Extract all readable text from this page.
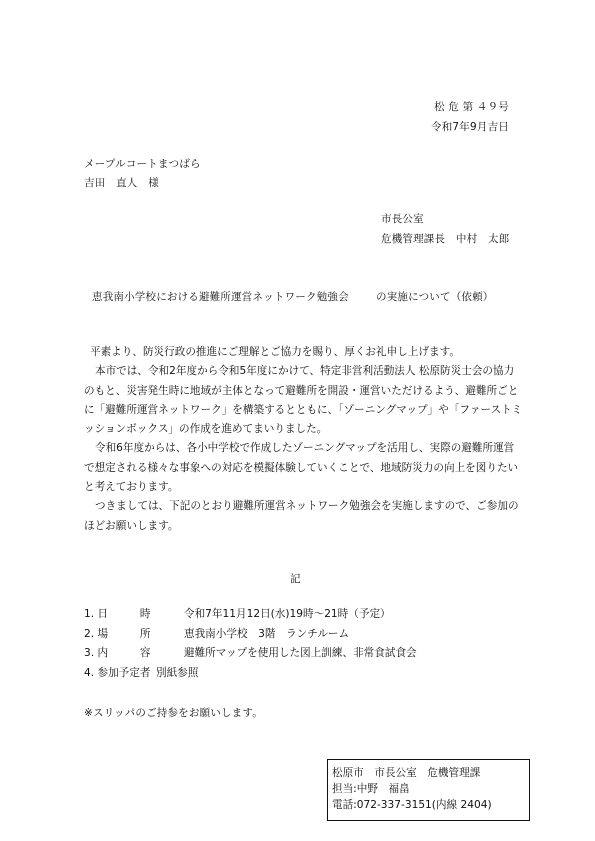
松 危 第 ４９号
令和7年9月吉日
メープルコートまつばら
吉田　直人　様
市長公室
危機管理課長　中村　太郎
恵我南小学校における避難所運営ネットワーク勉強会	の実施について（依頼）

平素より、防災行政の推進にご理解とご協力を賜り、厚くお礼申し上げます。

本市では、令和2年度から令和5年度にかけて、特定非営利活動法人 松原防災士会の協力のもと、災害発生時に地域が主体となって避難所を開設・運営いただけるよう、避難所ごとに「避難所運営ネットワーク」を構築するとともに、「ゾーニングマップ」や「ファーストミッションボックス」の作成を進めてまいりました。

令和6年度からは、各小中学校で作成したゾーニングマップを活用し、実際の避難所運営で想定される様々な事象への対応を模擬体験していくことで、地域防災力の向上を図りたいと考えております。

つきましては、下記のとおり避難所運営ネットワーク勉強会を実施しますので、ご参加のほどお願いします。

記
1. 日　　　時	令和7年11月12日(水)19時～21時（予定）
2. 場　　　所	恵我南小学校　3階　ランチルーム
3. 内　　　容	避難所マップを使用した図上訓練、非常食試食会
4. 参加予定者 別紙参照
※スリッパのご持参をお願いします。
松原市　市長公室　危機管理課
担当:中野　福畠
電話:072-337-3151(内線 2404)
